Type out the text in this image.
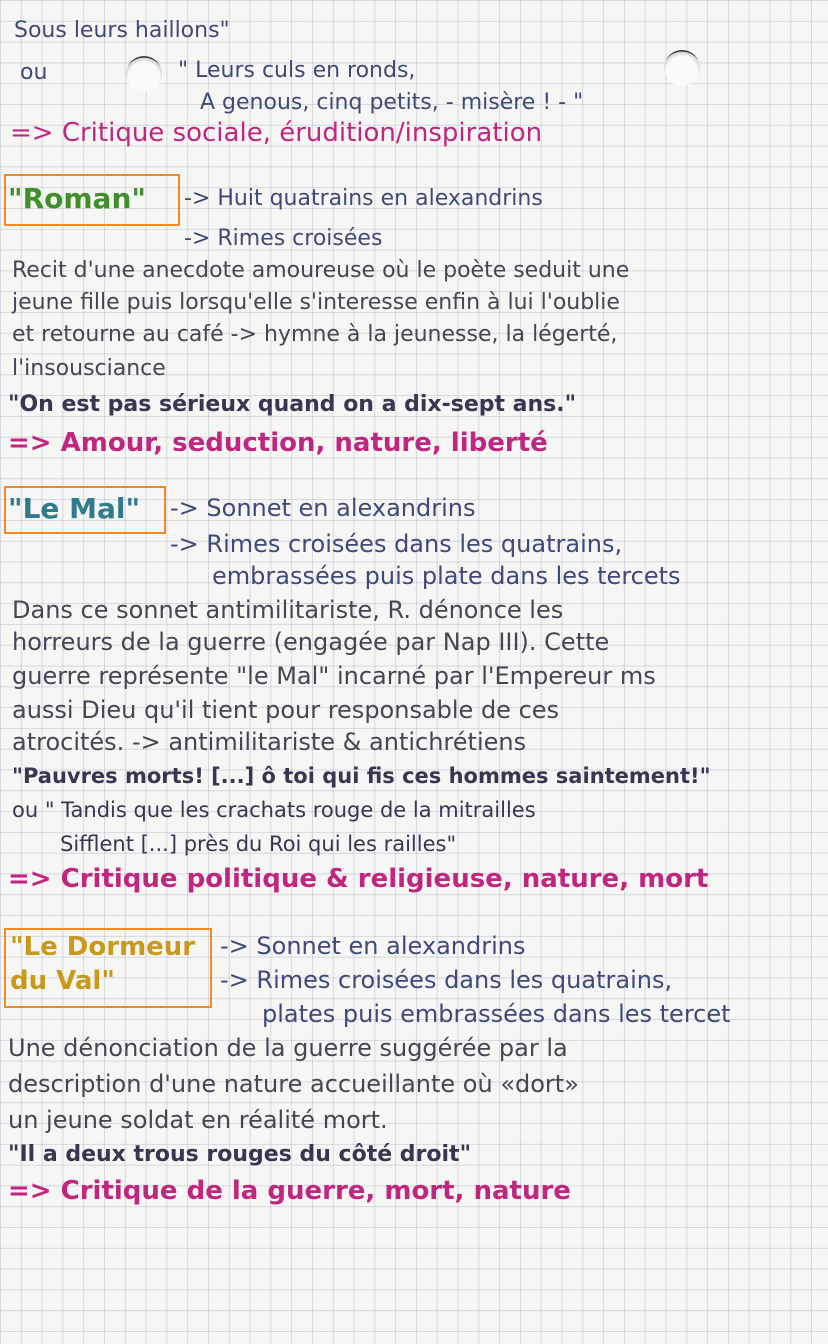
Sous leurs haillons"
ou	" Leurs culs en ronds,
A genous, cinq petits, - misère ! - "
=> Critique sociale, érudition/inspiration
"Roman" -> Huit quatrains en alexandrins
-> Rimes croisées
Recit d'une anecdote amoureuse où le poète seduit une
jeune fille puis lorsqu'elle s'interesse enfin à lui l'oublie
et retourne au café -> hymne à la jeunesse, la légerté,
l'insousciance
"On est pas sérieux quand on a dix-sept ans."
=> Amour, seduction, nature, liberté
"Le Mal" -> Sonnet en alexandrins
-> Rimes croisées dans les quatrains,
embrassées puis plate dans les tercets
Dans ce sonnet antimilitariste, R. dénonce les
horreurs de la guerre (engagée par Nap III). Cette
guerre représente "le Mal" incarné par l'Empereur ms
aussi Dieu qu'il tient pour responsable de ces
atrocités. -> antimilitariste & antichrétiens
"Pauvres morts! [...] ô toi qui fis ces hommes saintement!"
ou " Tandis que les crachats rouge de la mitrailles
Sifflent [...] près du Roi qui les railles"
=> Critique politique & religieuse, nature, mort
"Le Dormeur
du Val"
-> Sonnet en alexandrins
-> Rimes croisées dans les quatrains,
plates puis embrassées dans les tercet
Une dénonciation de la guerre suggérée par la
description d'une nature accueillante où «dort»
un jeune soldat en réalité mort.
"Il a deux trous rouges du côté droit"
=> Critique de la guerre, mort, nature
